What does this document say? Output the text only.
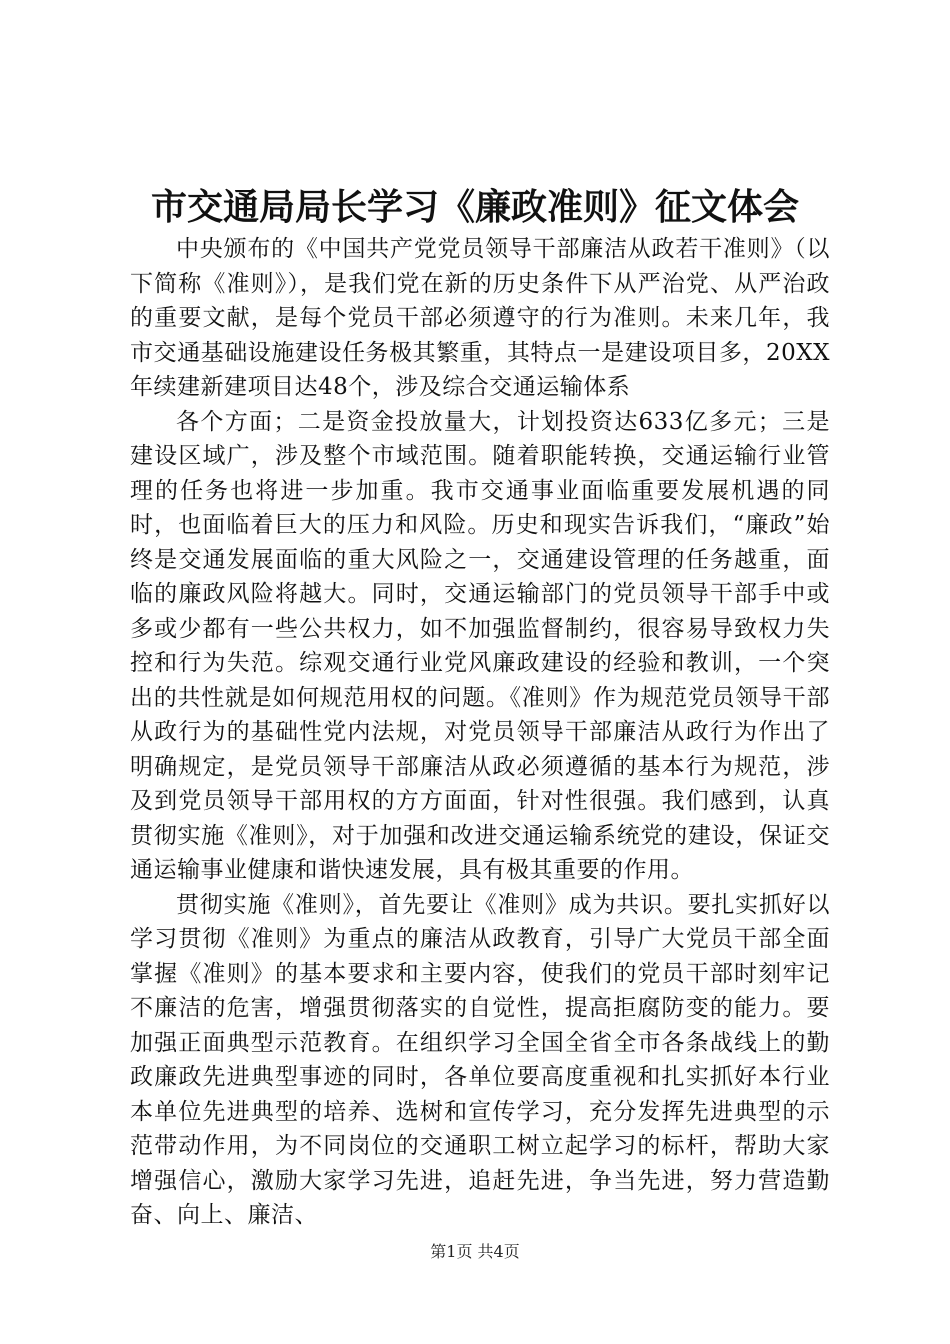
市交通局局长学习《廉政准则》征文体会

中央颁布的《中国共产党党员领导干部廉洁从政若干准则》（以下简称《准则》），是我们党在新的历史条件下从严治党、从严治政的重要文献，是每个党员干部必须遵守的行为准则。未来几年，我市交通基础设施建设任务极其繁重，其特点一是建设项目多，20XX年续建新建项目达48个，涉及综合交通运输体系

各个方面；二是资金投放量大，计划投资达633亿多元；三是建设区域广，涉及整个市域范围。随着职能转换，交通运输行业管理的任务也将进一步加重。我市交通事业面临重要发展机遇的同时，也面临着巨大的压力和风险。历史和现实告诉我们，“廉政”始终是交通发展面临的重大风险之一，交通建设管理的任务越重，面临的廉政风险将越大。同时，交通运输部门的党员领导干部手中或多或少都有一些公共权力，如不加强监督制约，很容易导致权力失控和行为失范。综观交通行业党风廉政建设的经验和教训，一个突出的共性就是如何规范用权的问题。《准则》作为规范党员领导干部从政行为的基础性党内法规，对党员领导干部廉洁从政行为作出了明确规定，是党员领导干部廉洁从政必须遵循的基本行为规范，涉及到党员领导干部用权的方方面面，针对性很强。我们感到，认真贯彻实施《准则》，对于加强和改进交通运输系统党的建设，保证交通运输事业健康和谐快速发展，具有极其重要的作用。

贯彻实施《准则》，首先要让《准则》成为共识。要扎实抓好以学习贯彻《准则》为重点的廉洁从政教育，引导广大党员干部全面掌握《准则》的基本要求和主要内容，使我们的党员干部时刻牢记不廉洁的危害，增强贯彻落实的自觉性，提高拒腐防变的能力。要加强正面典型示范教育。在组织学习全国全省全市各条战线上的勤政廉政先进典型事迹的同时，各单位要高度重视和扎实抓好本行业本单位先进典型的培养、选树和宣传学习，充分发挥先进典型的示范带动作用，为不同岗位的交通职工树立起学习的标杆，帮助大家增强信心，激励大家学习先进，追赶先进，争当先进，努力营造勤奋、向上、廉洁、

第1页 共4页
